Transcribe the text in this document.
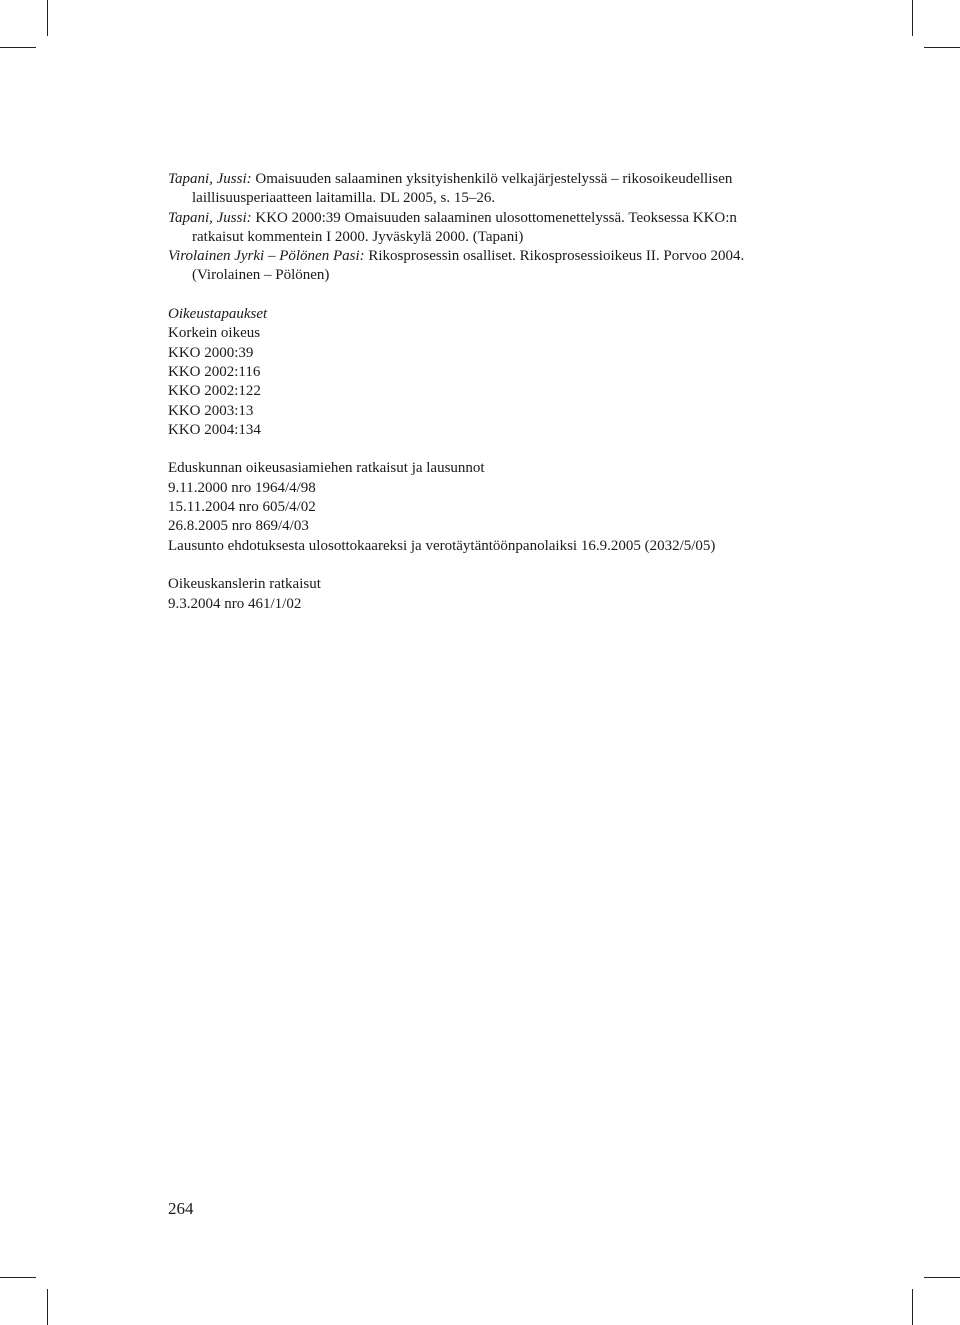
Tapani, Jussi: Omaisuuden salaaminen yksityishenkilö velkajärjestelyssä – rikosoikeudellisen laillisuusperiaatteen laitamilla. DL 2005, s. 15–26.

Tapani, Jussi: KKO 2000:39 Omaisuuden salaaminen ulosottomenettelyssä. Teoksessa KKO:n ratkaisut kommentein I 2000. Jyväskylä 2000. (Tapani)

Virolainen Jyrki – Pölönen Pasi: Rikosprosessin osalliset. Rikosprosessioikeus II. Porvoo 2004. (Virolainen – Pölönen)

Oikeustapaukset

Korkein oikeus

KKO 2000:39

KKO 2002:116

KKO 2002:122

KKO 2003:13

KKO 2004:134

Eduskunnan oikeusasiamiehen ratkaisut ja lausunnot

9.11.2000 nro 1964/4/98

15.11.2004 nro 605/4/02

26.8.2005 nro 869/4/03

Lausunto ehdotuksesta ulosottokaareksi ja verotäytäntöönpanolaiksi 16.9.2005 (2032/5/05)

Oikeuskanslerin ratkaisut

9.3.2004 nro 461/1/02

264
